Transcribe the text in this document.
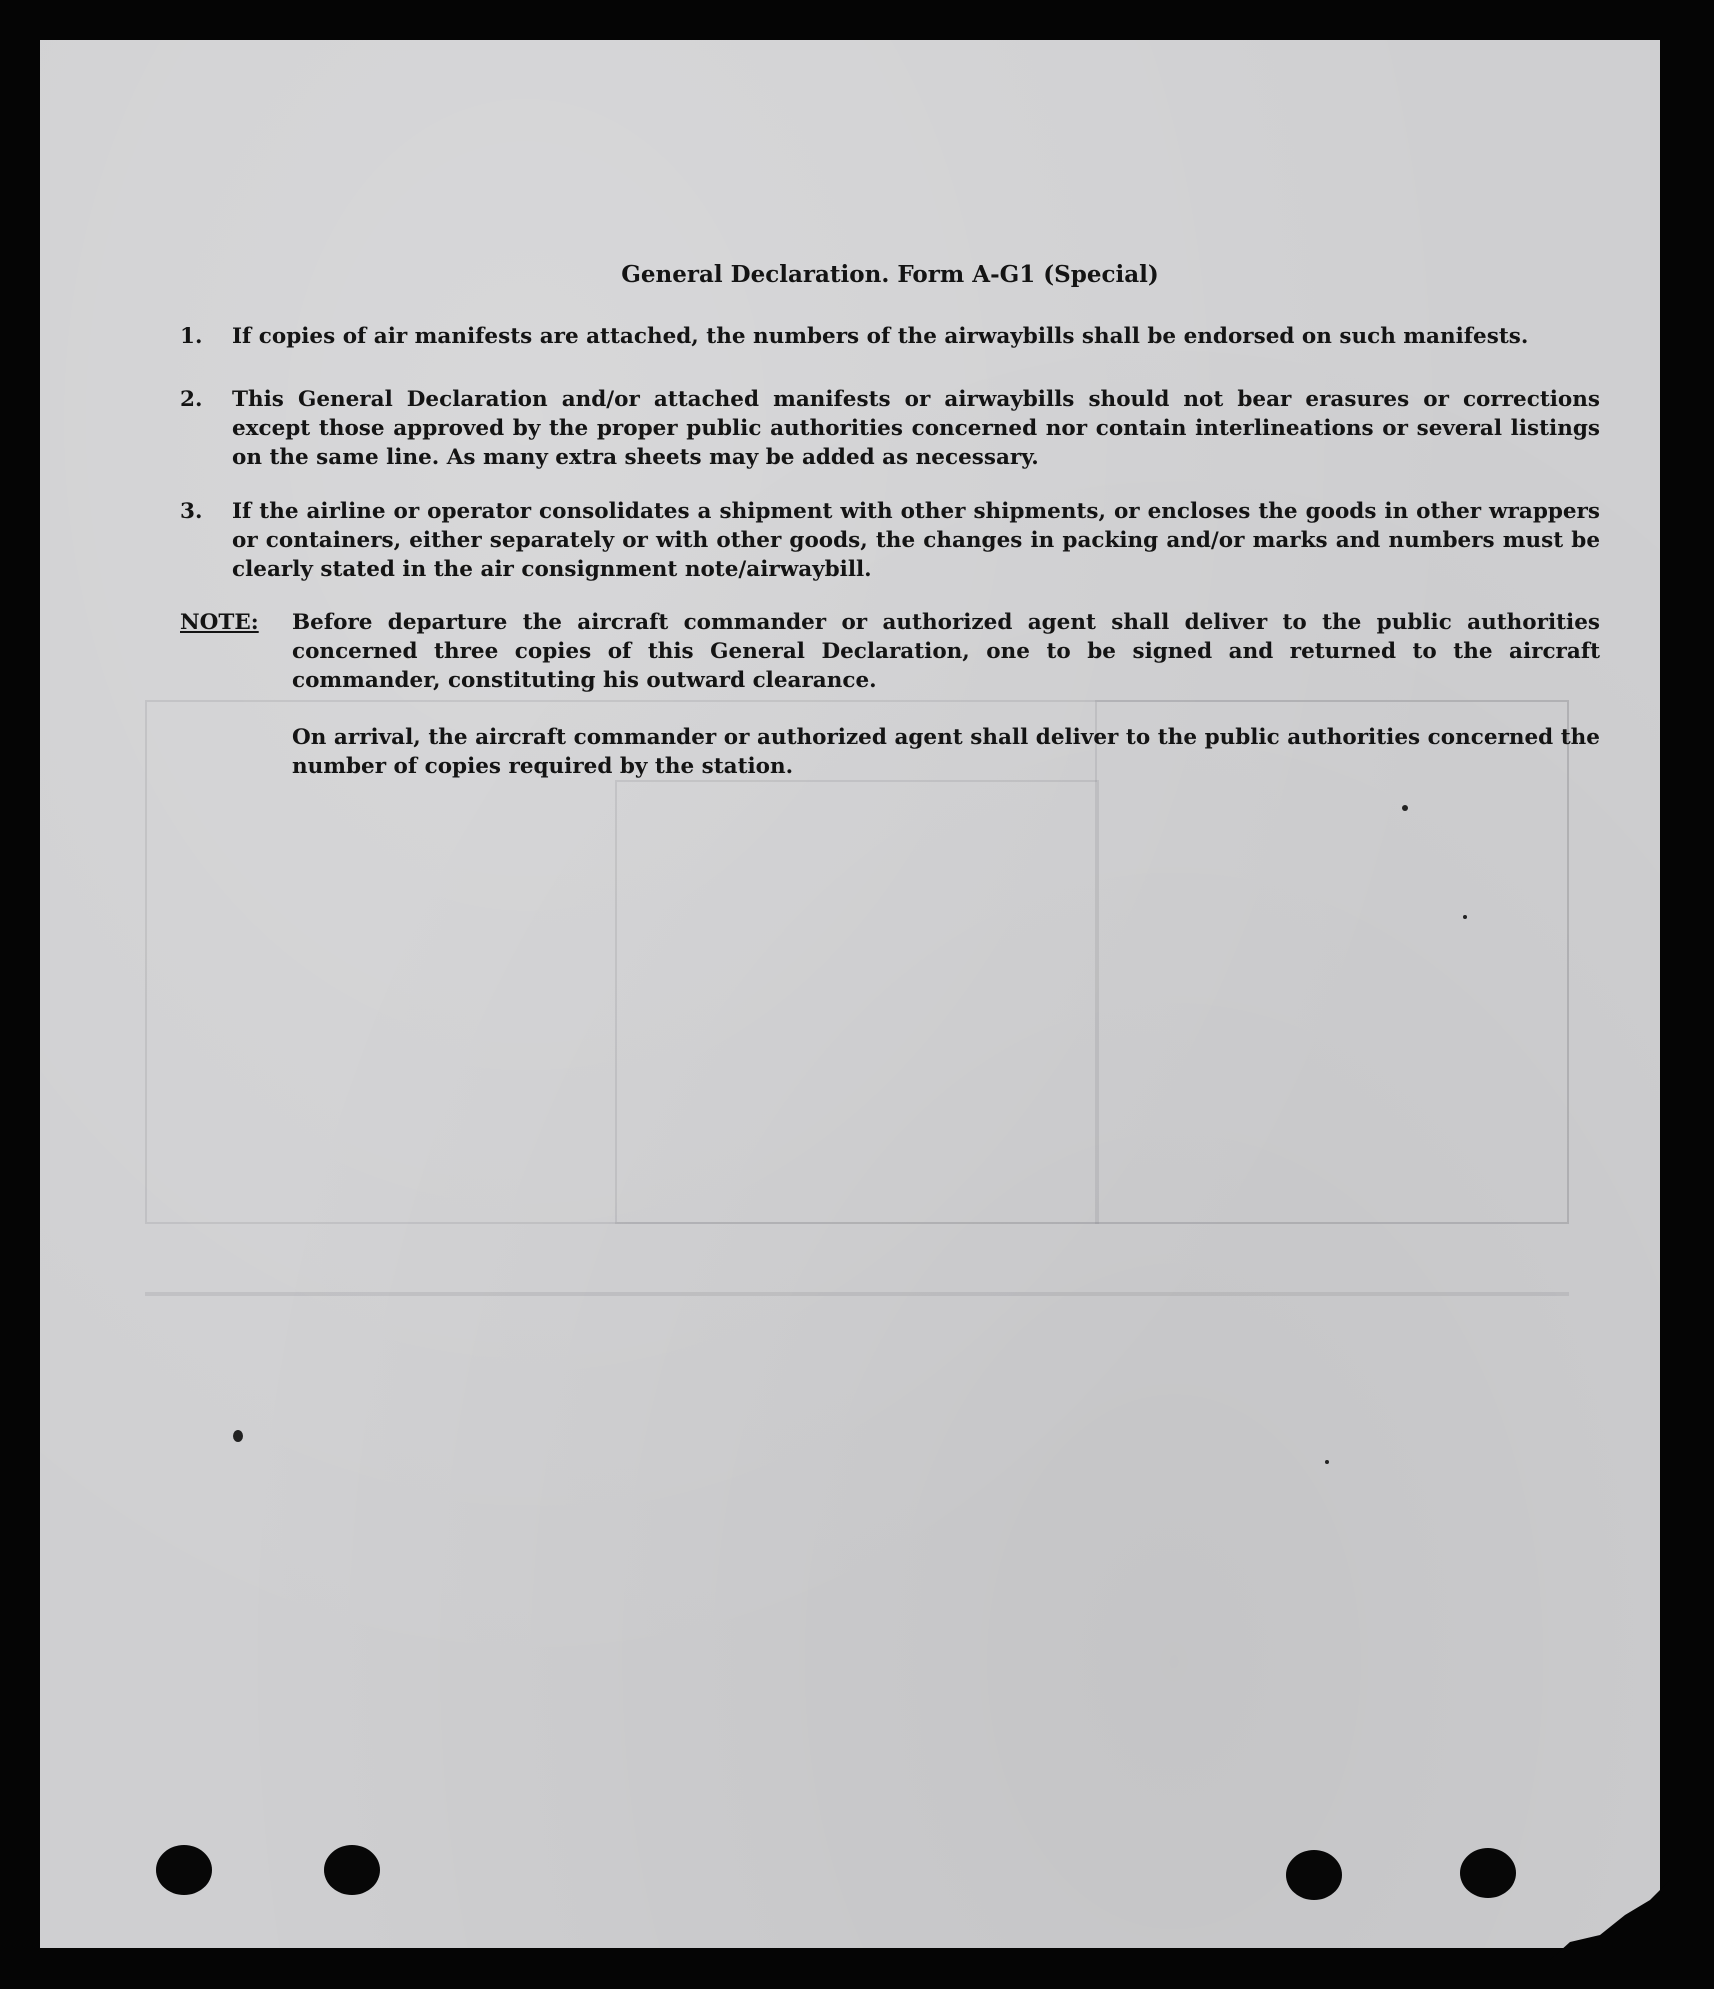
General Declaration. Form A-G1 (Special)
1.	If copies of air manifests are attached, the numbers of the airwaybills shall be endorsed on such manifests.
2.	This General Declaration and/or attached manifests or airwaybills should not bear erasures or corrections except those approved by the proper public authorities concerned nor contain interlineations or several listings on the same line. As many extra sheets may be added as necessary.
3.	If the airline or operator consolidates a shipment with other shipments, or encloses the goods in other wrappers or containers, either separately or with other goods, the changes in packing and/or marks and numbers must be clearly stated in the air consignment note/airwaybill.
NOTE: Before departure the aircraft commander or authorized agent shall deliver to the public authorities concerned three copies of this General Declaration, one to be signed and returned to the aircraft commander, constituting his outward clearance.
On arrival, the aircraft commander or authorized agent shall deliver to the public authorities concerned the number of copies required by the station.
